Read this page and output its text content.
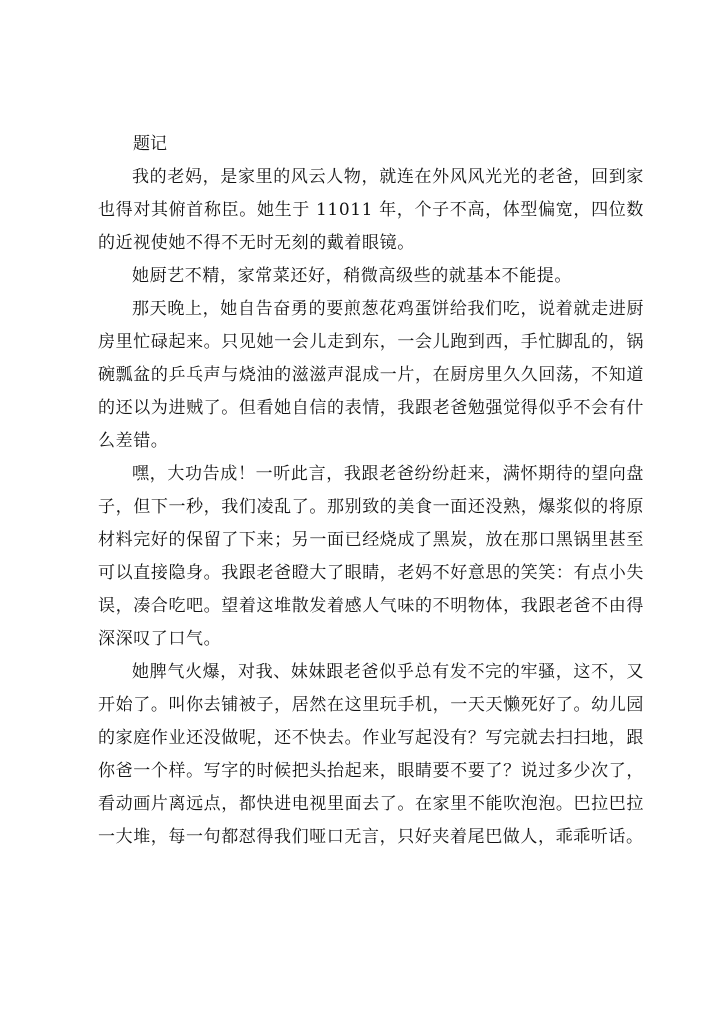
题记

我的老妈，是家里的风云人物，就连在外风风光光的老爸，回到家也得对其俯首称臣。她生于 11011 年，个子不高，体型偏宽，四位数的近视使她不得不无时无刻的戴着眼镜。

她厨艺不精，家常菜还好，稍微高级些的就基本不能提。

那天晚上，她自告奋勇的要煎葱花鸡蛋饼给我们吃，说着就走进厨房里忙碌起来。只见她一会儿走到东，一会儿跑到西，手忙脚乱的，锅碗瓢盆的乒乓声与烧油的滋滋声混成一片，在厨房里久久回荡，不知道的还以为进贼了。但看她自信的表情，我跟老爸勉强觉得似乎不会有什么差错。

嘿，大功告成！一听此言，我跟老爸纷纷赶来，满怀期待的望向盘子，但下一秒，我们凌乱了。那别致的美食一面还没熟，爆浆似的将原材料完好的保留了下来；另一面已经烧成了黑炭，放在那口黑锅里甚至可以直接隐身。我跟老爸瞪大了眼睛，老妈不好意思的笑笑：有点小失误，凑合吃吧。望着这堆散发着感人气味的不明物体，我跟老爸不由得深深叹了口气。

她脾气火爆，对我、妹妹跟老爸似乎总有发不完的牢骚，这不，又开始了。叫你去铺被子，居然在这里玩手机，一天天懒死好了。幼儿园的家庭作业还没做呢，还不快去。作业写起没有？写完就去扫扫地，跟你爸一个样。写字的时候把头抬起来，眼睛要不要了？说过多少次了，看动画片离远点，都快进电视里面去了。在家里不能吹泡泡。巴拉巴拉一大堆，每一句都怼得我们哑口无言，只好夹着尾巴做人，乖乖听话。
